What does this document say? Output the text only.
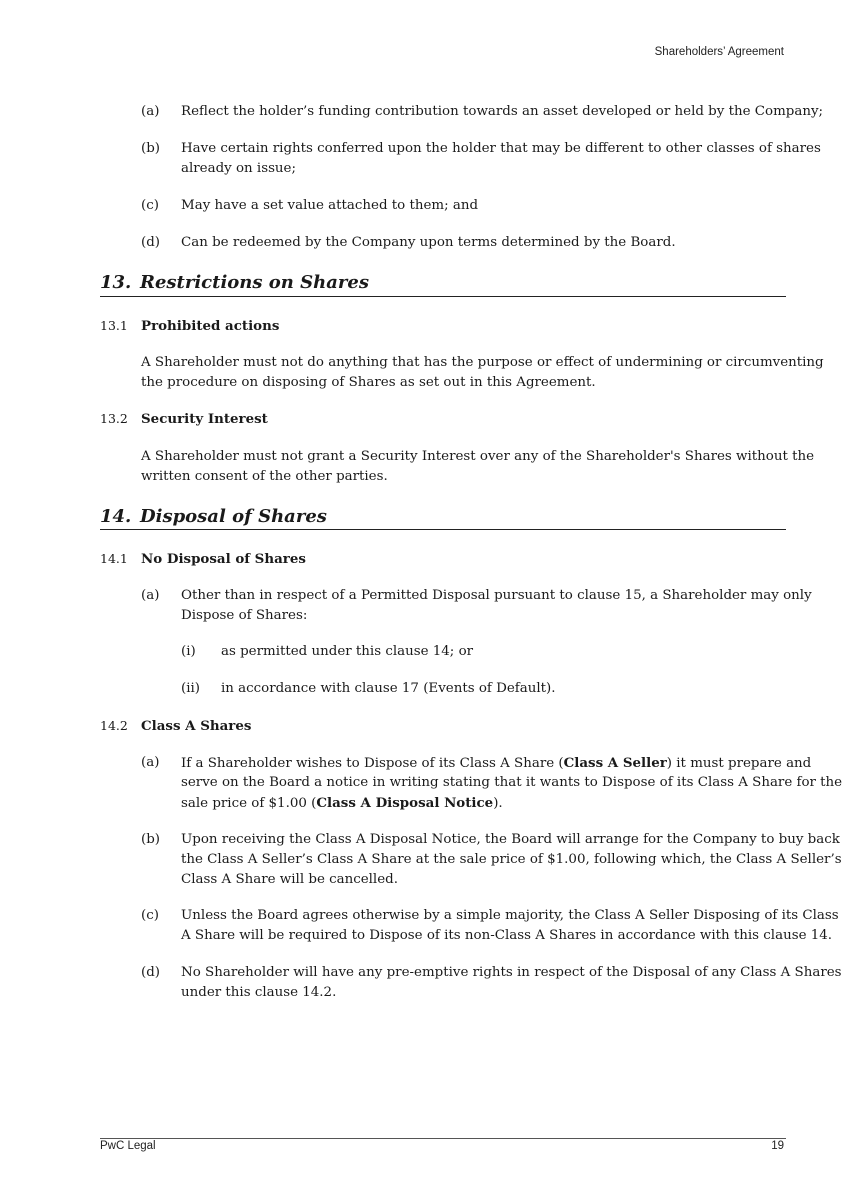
Shareholders’ Agreement
(a) Reflect the holder’s funding contribution towards an asset developed or held by the Company;
(b) Have certain rights conferred upon the holder that may be different to other classes of shares
already on issue;
(c) May have a set value attached to them; and
(d) Can be redeemed by the Company upon terms determined by the Board.
13. Restrictions on Shares
13.1 Prohibited actions
A Shareholder must not do anything that has the purpose or effect of undermining or circumventing
the procedure on disposing of Shares as set out in this Agreement.
13.2 Security Interest
A Shareholder must not grant a Security Interest over any of the Shareholder's Shares without the
written consent of the other parties.
14. Disposal of Shares
14.1 No Disposal of Shares
(a) Other than in respect of a Permitted Disposal pursuant to clause 15, a Shareholder may only
Dispose of Shares:
(i) as permitted under this clause 14; or
(ii) in accordance with clause 17 (Events of Default).
14.2 Class A Shares
(a) If a Shareholder wishes to Dispose of its Class A Share (Class A Seller) it must prepare and
serve on the Board a notice in writing stating that it wants to Dispose of its Class A Share for the
sale price of $1.00 (Class A Disposal Notice).
(b) Upon receiving the Class A Disposal Notice, the Board will arrange for the Company to buy back
the Class A Seller’s Class A Share at the sale price of $1.00, following which, the Class A Seller’s
Class A Share will be cancelled.
(c) Unless the Board agrees otherwise by a simple majority, the Class A Seller Disposing of its Class
A Share will be required to Dispose of its non-Class A Shares in accordance with this clause 14.
(d) No Shareholder will have any pre-emptive rights in respect of the Disposal of any Class A Shares
under this clause 14.2.
PwC Legal	19
